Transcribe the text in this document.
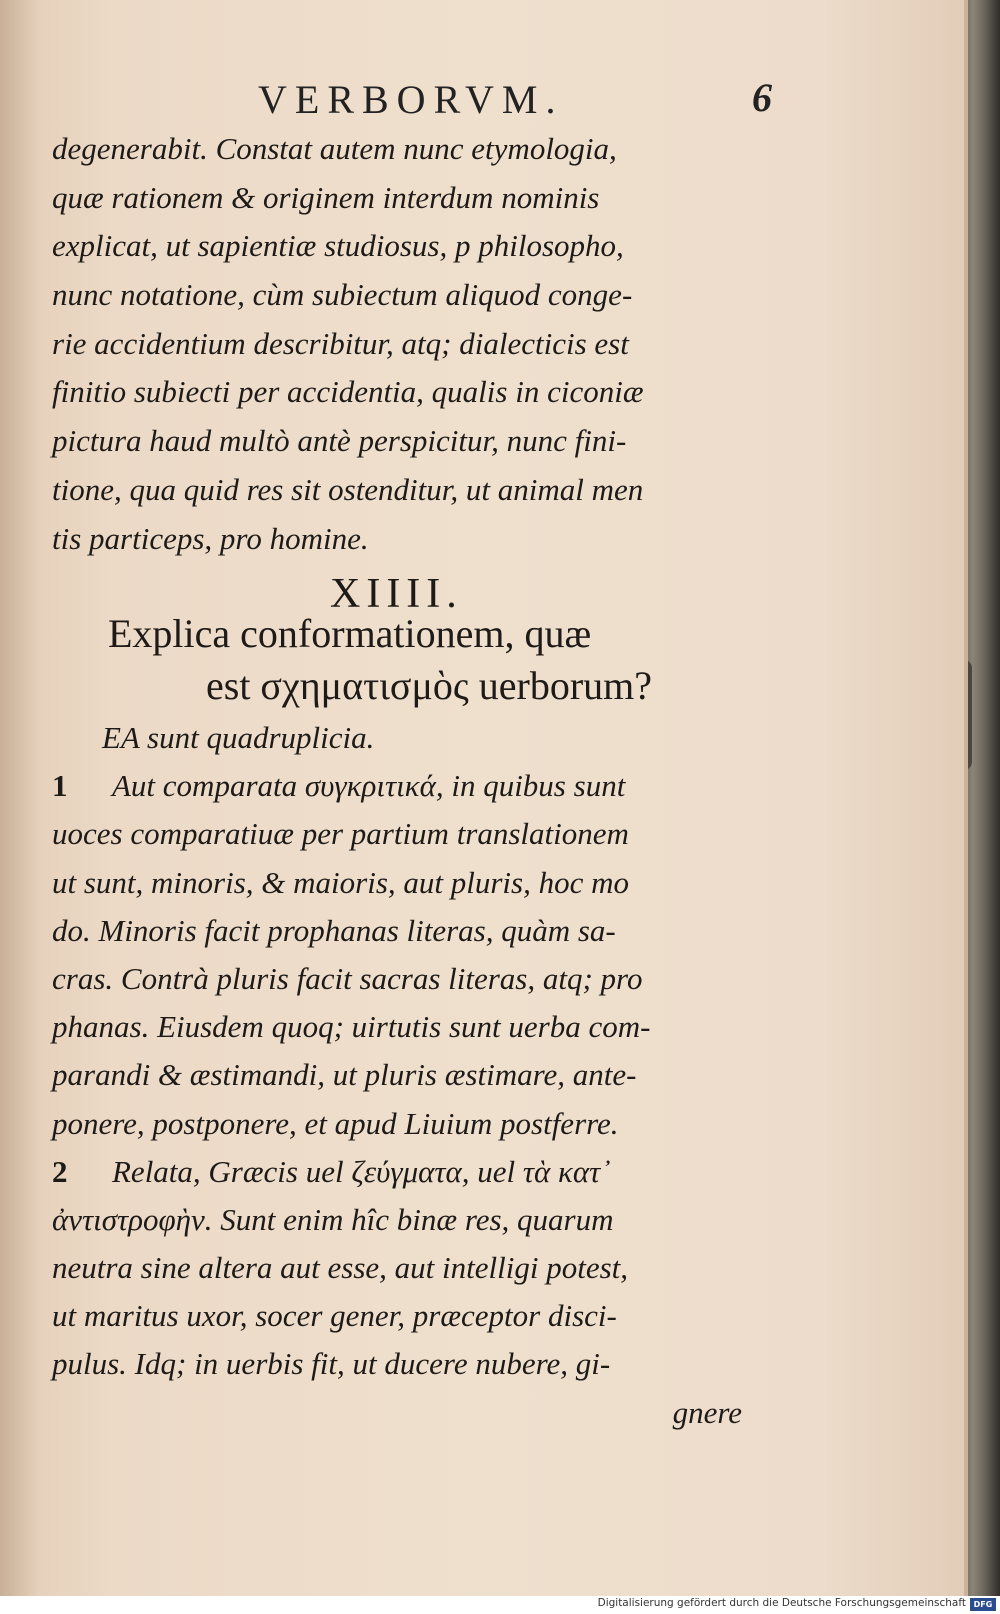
VERBORVM.	6
degenerabit. Constat autem nunc etymologia,
quæ rationem & originem interdum nominis
explicat, ut sapientiæ studiosus, p philosopho,
nunc notatione, cùm subiectum aliquod conge-
rie accidentium describitur, atq; dialecticis est
finitio subiecti per accidentia, qualis in ciconiæ
pictura haud multò antè perspicitur, nunc fini-
tione, qua quid res sit ostenditur, ut animal men
tis particeps, pro homine.
XIIII.
Explica conformationem, quæ
est σχηματισμὸς uerborum?
EA sunt quadruplicia.
1 Aut comparata συγκριτικά, in quibus sunt
uoces comparatiuæ per partium translationem
ut sunt, minoris, & maioris, aut pluris, hoc mo
do. Minoris facit prophanas literas, quàm sa-
cras. Contrà pluris facit sacras literas, atq; pro
phanas. Eiusdem quoq; uirtutis sunt uerba com-
parandi & æstimandi, ut pluris æstimare, ante-
ponere, postponere, et apud Liuium postferre.
2 Relata, Græcis uel ζεύγματα, uel τὰ κατ᾽
ἀντιστροφὴν. Sunt enim hîc binæ res, quarum
neutra sine altera aut esse, aut intelligi potest,
ut maritus uxor, socer gener, præceptor disci-
pulus. Idq; in uerbis fit, ut ducere nubere, gi-
gnere
Digitalisierung gefördert durch die Deutsche Forschungsgemeinschaft DFG
